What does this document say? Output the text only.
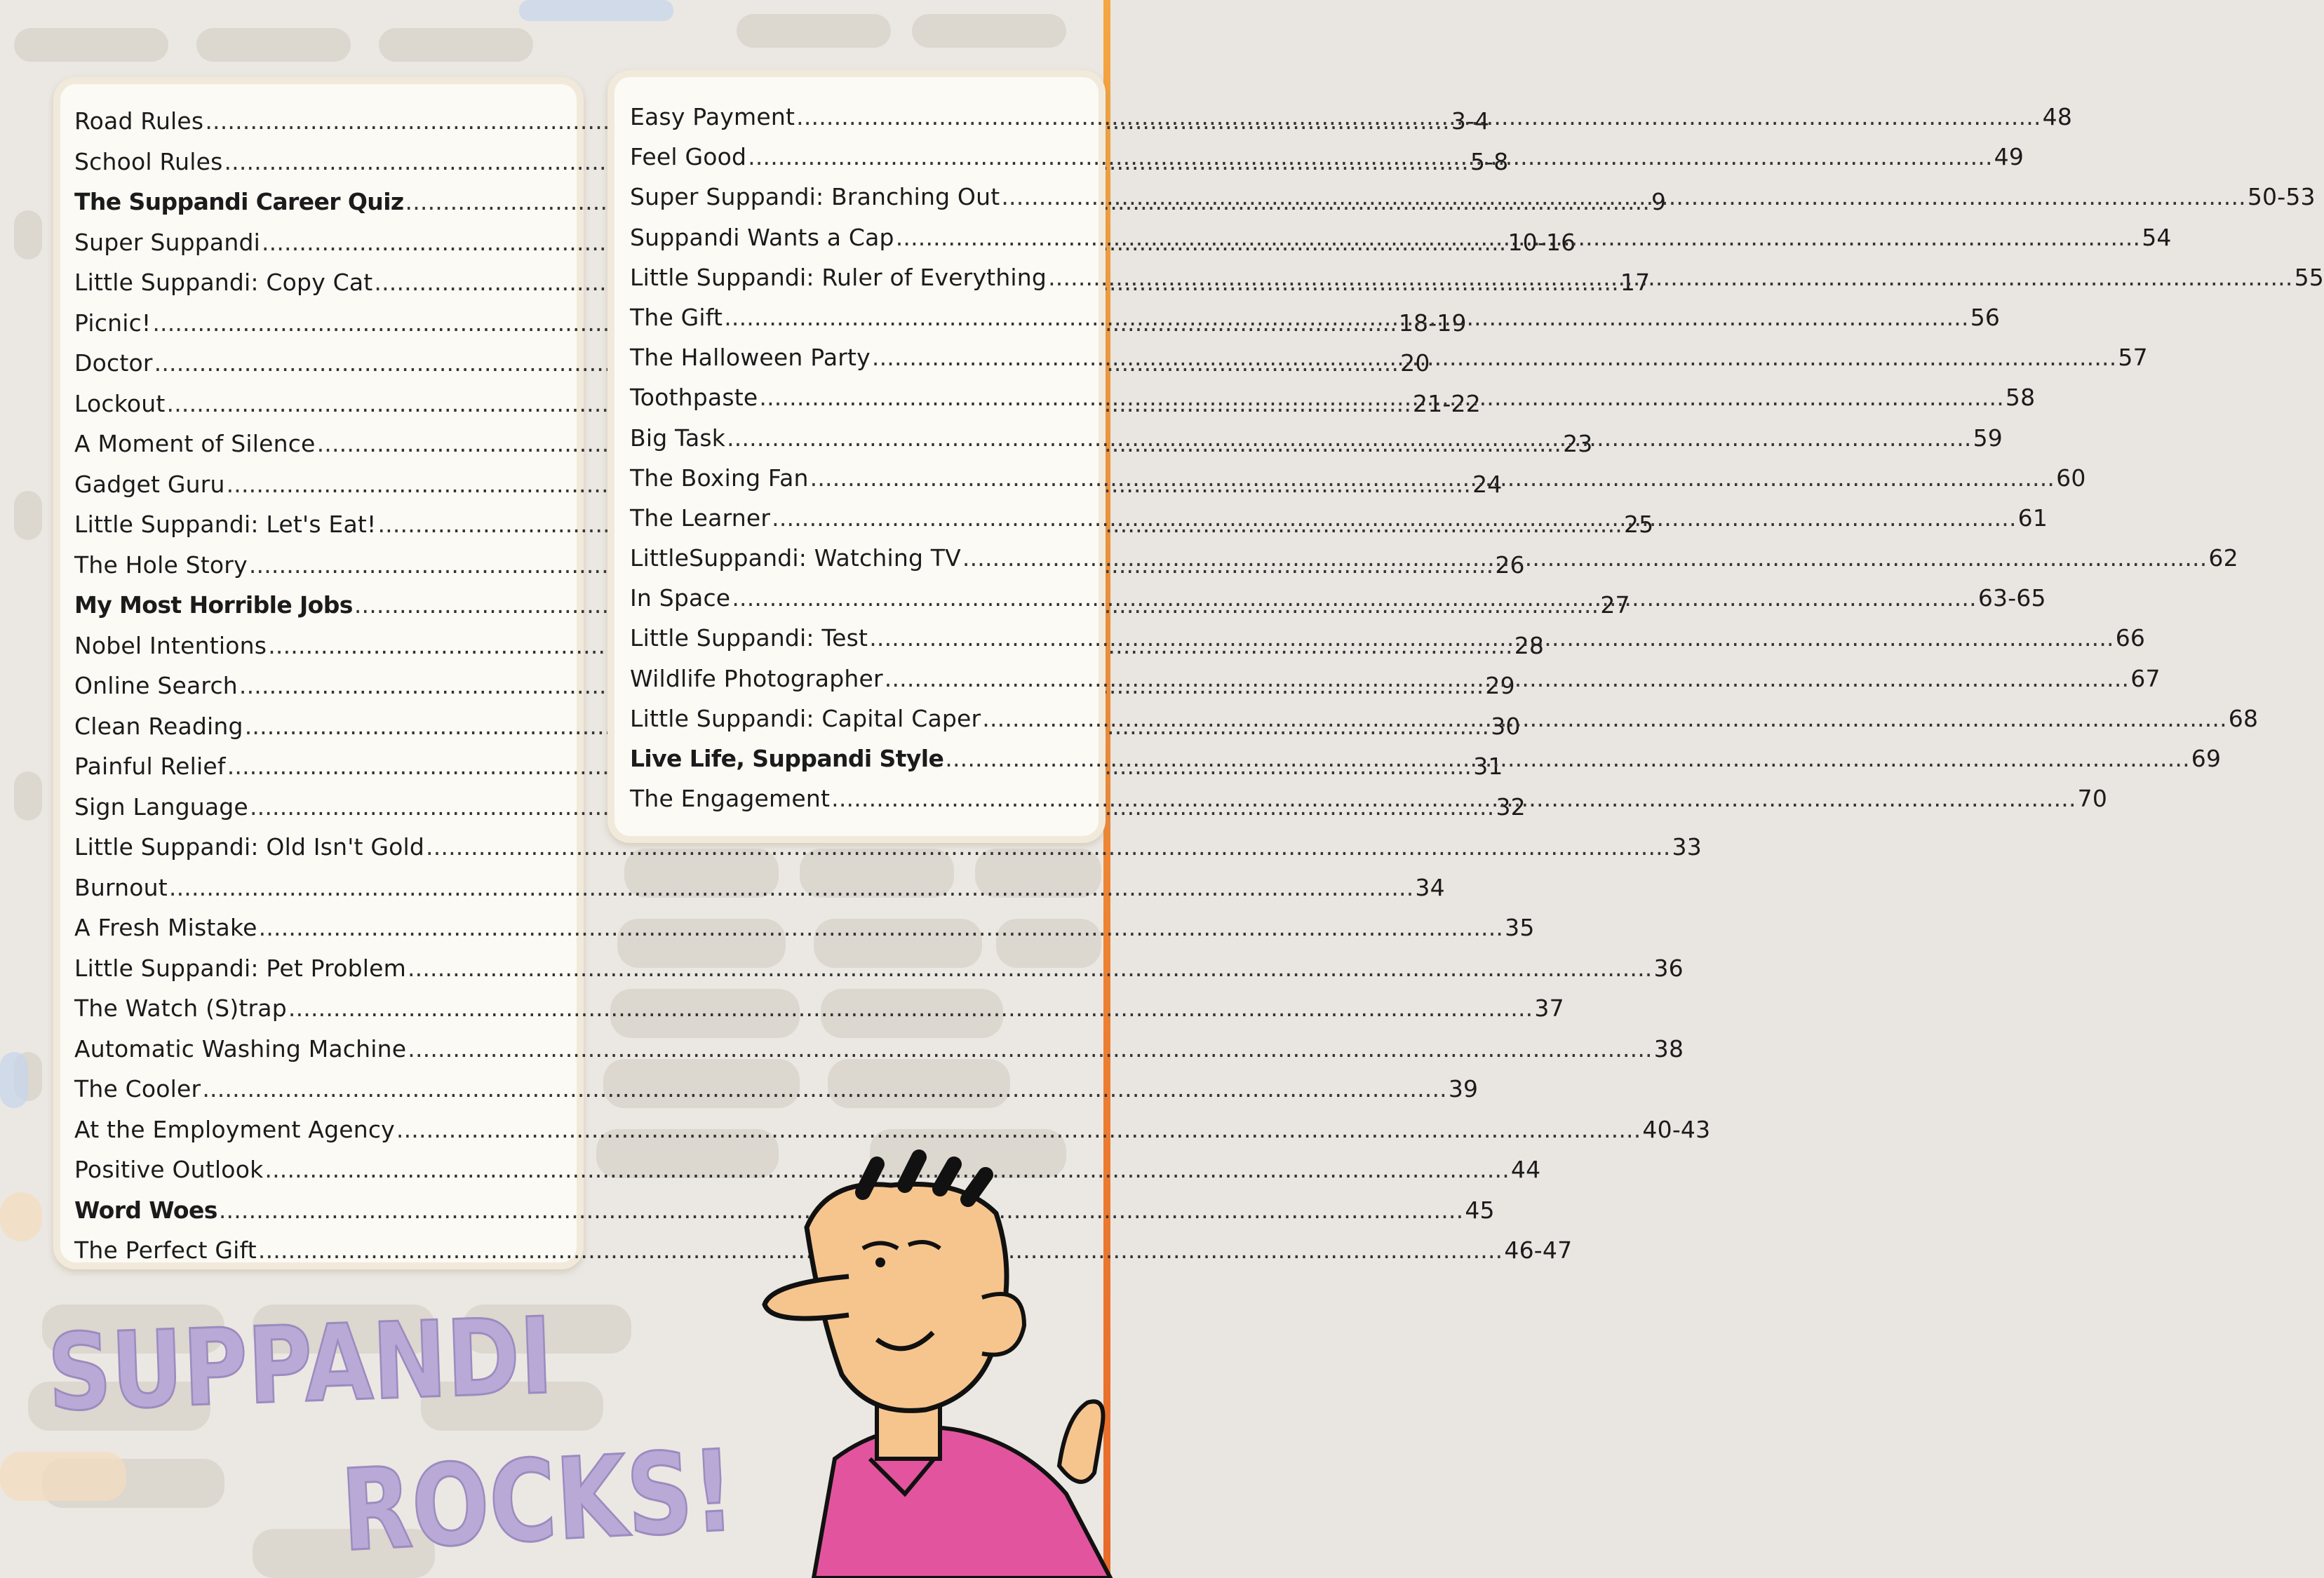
Road Rules .....	3-4
School Rules .....	5-8
The Suppandi Career Quiz .....	9
Super Suppandi .....	10-16
Little Suppandi: Copy Cat .....	17
Picnic! .....	18-19
Doctor .....	20
Lockout .....	21-22
A Moment of Silence .....	23
Gadget Guru .....	24
Little Suppandi: Let's Eat! .....	25
The Hole Story .....	26
My Most Horrible Jobs .....	27
Nobel Intentions .....	28
Online Search .....	29
Clean Reading .....	30
Painful Relief .....	31
Sign Language .....	32
Little Suppandi: Old Isn't Gold .....	33
Burnout .....	34
A Fresh Mistake .....	35
Little Suppandi: Pet Problem .....	36
The Watch (S)trap .....	37
Automatic Washing Machine .....	38
The Cooler .....	39
At the Employment Agency .....	40-43
Positive Outlook .....	44
Word Woes .....	45
The Perfect Gift .....	46-47
Easy Payment .....	48
Feel Good .....	49
Super Suppandi: Branching Out .....	50-53
Suppandi Wants a Cap .....	54
Little Suppandi: Ruler of Everything .....	55
The Gift .....	56
The Halloween Party .....	57
Toothpaste .....	58
Big Task .....	59
The Boxing Fan .....	60
The Learner .....	61
LittleSuppandi: Watching TV .....	62
In Space .....	63-65
Little Suppandi: Test .....	66
Wildlife Photographer .....	67
Little Suppandi: Capital Caper .....	68
Live Life, Suppandi Style .....	69
The Engagement .....	70
SUPPANDI
ROCKS!
